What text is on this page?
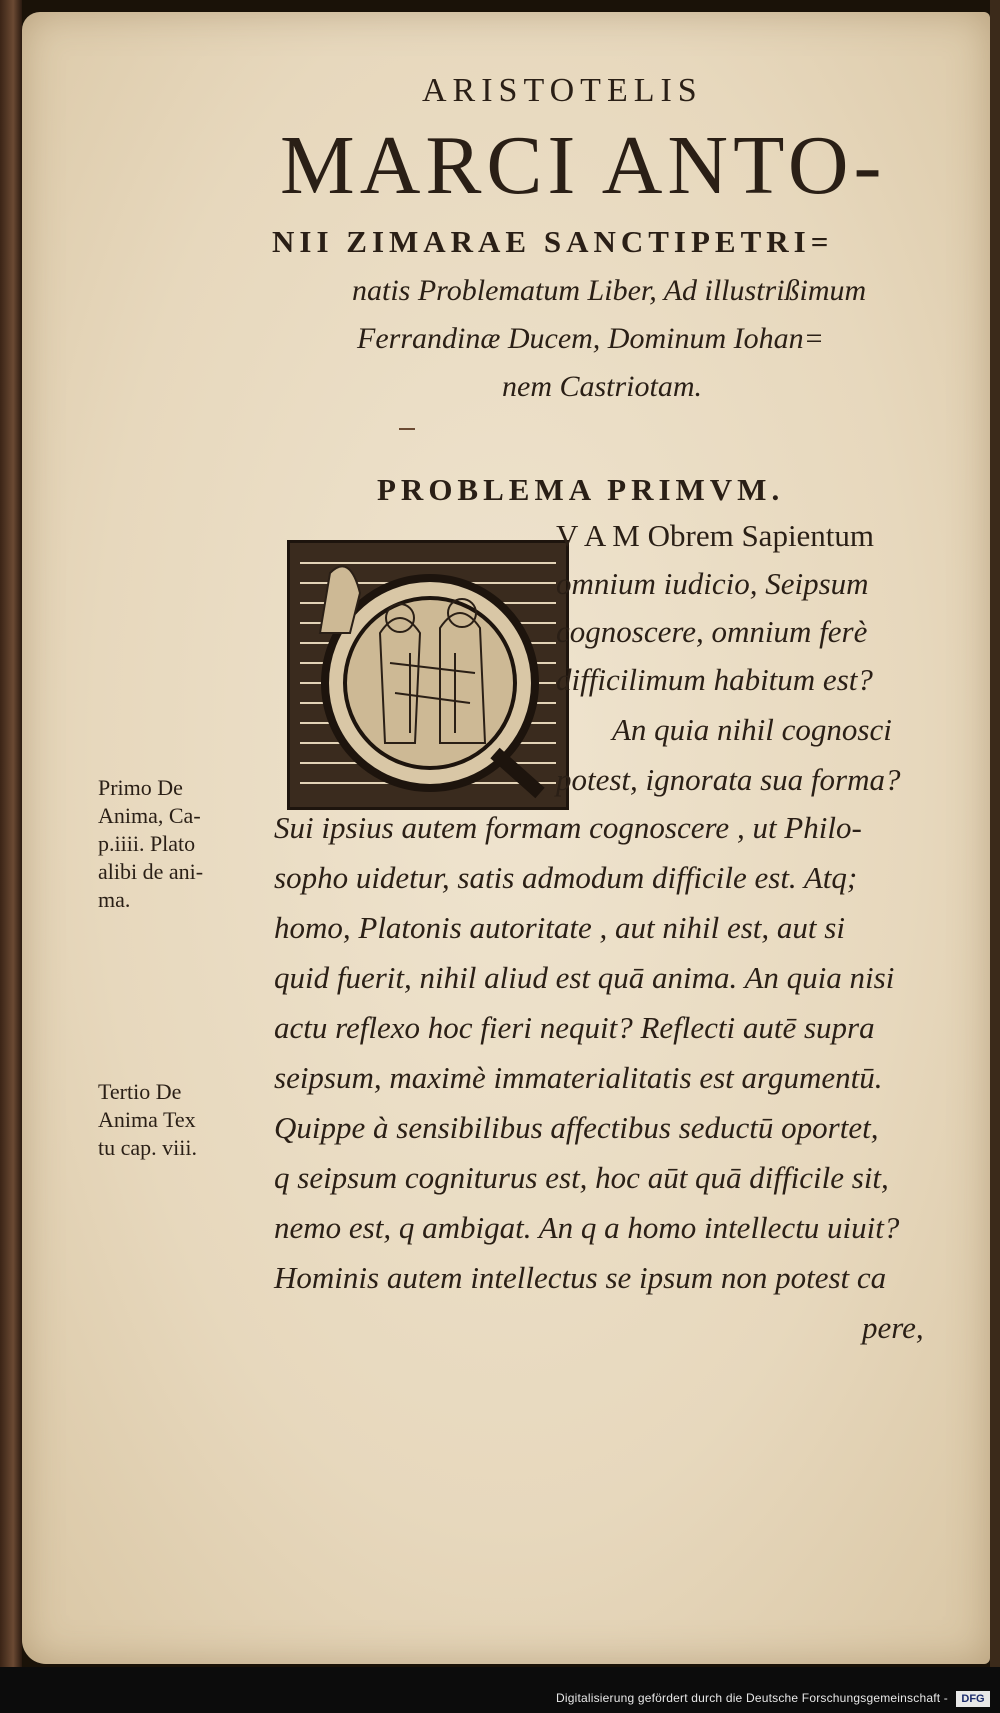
ARISTOTELIS
MARCI ANTO-
NII ZIMARAE SANCTIPETRI=
natis Problematum Liber, Ad illustrißimum
Ferrandinæ Ducem, Dominum Iohan=
nem Castriotam.
PROBLEMA PRIMVM.
V A M Obrem Sapientum
omnium iudicio, Seipsum
cognoscere, omnium ferè
difficilimum habitum est?
An quia nihil cognosci
potest, ignorata sua forma?
Sui ipsius autem formam cognoscere , ut Philo-
sopho uidetur, satis admodum difficile est. Atq;
homo, Platonis autoritate , aut nihil est, aut si
quid fuerit, nihil aliud est quā anima. An quia nisi
actu reflexo hoc fieri nequit? Reflecti autē supra
seipsum, maximè immaterialitatis est argumentū.
Quippe à sensibilibus affectibus seductū oportet,
q seipsum cogniturus est, hoc aūt quā difficile sit,
nemo est, q ambigat. An q a homo intellectu uiuit?
Hominis autem intellectus se ipsum non potest ca
pere,
Primo De
Anima, Ca-
p.iiii. Plato
alibi de ani-
ma.
Tertio De
Anima Tex
tu cap. viii.
Digitalisierung gefördert durch die Deutsche Forschungsgemeinschaft -	DFG
